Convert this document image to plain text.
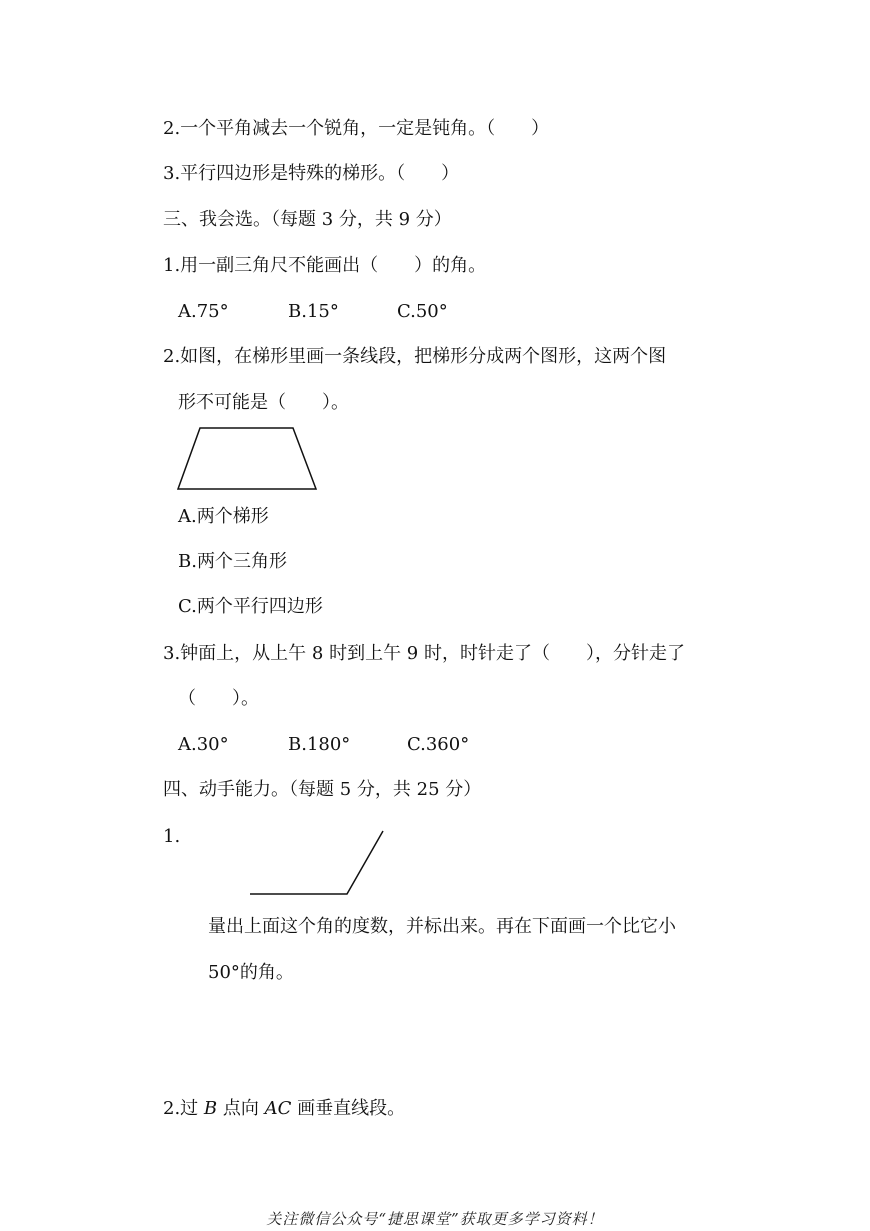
2.一个平角减去一个锐角，一定是钝角。（　　）
3.平行四边形是特殊的梯形。（　　）
三、我会选。（每题 3 分，共 9 分）
1.用一副三角尺不能画出（　　）的角。
A.75°	B.15°	C.50°
2.如图，在梯形里画一条线段，把梯形分成两个图形，这两个图
形不可能是（　　）。
A.两个梯形
B.两个三角形
C.两个平行四边形
3.钟面上，从上午 8 时到上午 9 时，时针走了（　　），分针走了
（　　）。
A.30°	B.180°	C.360°
四、动手能力。（每题 5 分，共 25 分）
1.
量出上面这个角的度数，并标出来。再在下面画一个比它小
50°的角。
2.过 B 点向 AC 画垂直线段。
关注微信公众号“捷思课堂”获取更多学习资料！
